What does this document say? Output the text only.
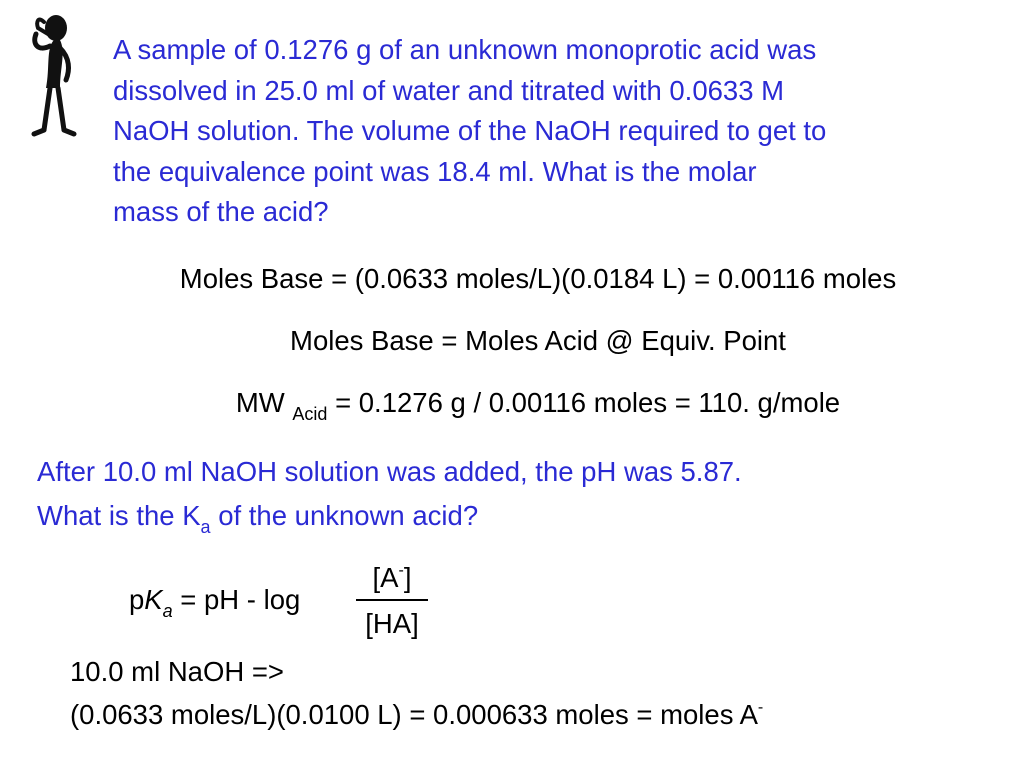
A sample of 0.1276 g of an unknown monoprotic acid was
dissolved in 25.0 ml of water and titrated with 0.0633 M
NaOH solution. The volume of the NaOH required to get to
the equivalence point was 18.4 ml. What is the molar
mass of the acid?
Moles Base = (0.0633 moles/L)(0.0184 L) = 0.00116 moles
Moles Base = Moles Acid @ Equiv. Point
MW $_{Acid}$ = 0.1276 g / 0.00116 moles = 110. g/mole
After 10.0 ml NaOH solution was added, the pH was 5.87.
What is the $K_a$ of the unknown acid?
$pK_a$ = pH - log
[A-]
[HA]
10.0 ml NaOH =>
(0.0633 moles/L)(0.0100 L) = 0.000633 moles = moles A-
